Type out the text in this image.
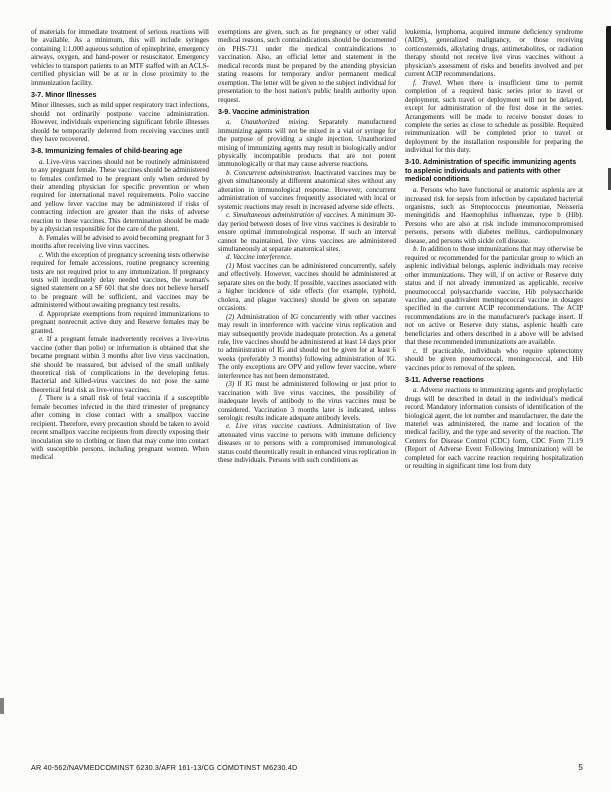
of materials for immediate treatment of serious reactions will be available. As a minimum, this will include syringes containing 1:1,000 aqueous solution of epinephrine, emergency airways, oxygen, and hand-power or resuscitator. Emergency vehicles to transport patients to an MTF staffed with an ACLS-certified physician will be at or in close proximity to the immunization facility.

3-7. Minor Illnesses

Minor illnesses, such as mild upper respiratory tract infections, should not ordinarily postpone vaccine administration. However, individuals experiencing significant febrile illnesses should be temporarily deferred from receiving vaccines until they have recovered.

3-8. Immunizing females of child-bearing age

a. Live-virus vaccines should not be routinely administered to any pregnant female. These vaccines should be administered to females confirmed to be pregnant only when ordered by their attending physician for specific prevention or when required for international travel requirements. Polio vaccine and yellow fever vaccine may be administered if risks of contracting infection are greater than the risks of adverse reaction to these vaccines. This determination should be made by a physician responsible for the care of the patient.

b. Females will be advised to avoid becoming pregnant for 3 months after receiving live virus vaccines.

c. With the exception of pregnancy screening tests otherwise required for female accessions, routine pregnancy screening tests are not required prior to any immunization. If pregnancy tests will inordinately delay needed vaccines, the woman's signed statement on a SF 601 that she does not believe herself to be pregnant will be sufficient, and vaccines may be administered without awaiting pregnancy test results.

d. Appropriate exemptions from required immunizations to pregnant nonrecruit active duty and Reserve females may be granted.

e. If a pregnant female inadvertently receives a live-virus vaccine (other than polio) or information is obtained that she became pregnant within 3 months after live virus vaccination, she should be reassured, but advised of the small unlikely theoretical risk of complications in the developing fetus. Bacterial and killed-virus vaccines do not pose the same theoretical fetal risk as live-virus vaccines.

f. There is a small risk of fetal vaccinia if a susceptible female becomes infected in the third trimester of pregnancy after coming in close contact with a smallpox vaccine recipient. Therefore, every precaution should be taken to avoid recent smallpox vaccine recipients from directly exposing their inoculation site to clothing or linen that may come into contact with susceptible persons, including pregnant women. When medical

exemptions are given, such as for pregnancy or other valid medical reasons, such contraindications should be documented on PHS-731 under the medical contraindications to vaccination. Also, an official letter and statement in the medical records must be prepared by the attending physician stating reasons for temporary and/or permanent medical exemption. The letter will be given to the subject individual for presentation to the host nation's public health authority upon request.

3-9. Vaccine administration

a. Unauthorized mixing. Separately manufactured immunizing agents will not be mixed in a vial or syringe for the purpose of providing a single injection. Unauthorized mixing of immunizing agents may result in biologically and/or physically incompatible products that are not potent immunologically or that may cause adverse reactions.

b. Concurrent administration. Inactivated vaccines may be given simultaneously at different anatomical sites without any alteration in immunological response. However, concurrent administration of vaccines frequently associated with local or systemic reactions may result in increased adverse side effects.

c. Simultaneous administration of vaccines. A minimum 30-day period between doses of live virus vaccines is desirable to ensure optimal immunological response. If such an interval cannot be maintained, live virus vaccines are administered simultaneously at separate anatomical sites.

d. Vaccine interference.

(1) Most vaccines can be administered concurrently, safely and effectively. However, vaccines should be administered at separate sites on the body. If possible, vaccines associated with a higher incidence of side effects (for example, typhoid, cholera, and plague vaccines) should be given on separate occasions.

(2) Administration of IG concurrently with other vaccines may result in interference with vaccine virus replication and may subsequently provide inadequate protection. As a general rule, live vaccines should be administered at least 14 days prior to administration of IG and should not be given for at least 6 weeks (preferably 3 months) following administration of IG. The only exceptions are OPV and yellow fever vaccine, where interference has not been demonstrated.

(3) If IG must be administered following or just prior to vaccination with live virus vaccines, the possibility of inadequate levels of antibody to the virus vaccines must be considered. Vaccination 3 months later is indicated, unless serologic results indicate adequate antibody levels.

e. Live virus vaccine cautions. Administration of live attenuated virus vaccine to persons with immune deficiency diseases or to persons with a compromised immunological status could theoretically result in enhanced virus replication in these individuals. Persons with such conditions as

leukemia, lymphoma, acquired immune deficiency syndrome (AIDS), generalized malignancy, or those receiving corticosteroids, alkylating drugs, antimetabolites, or radiation therapy should not receive live virus vaccines without a physician's assessment of risks and benefits involved and per current ACIP recommendations.

f. Travel. When there is insufficient time to permit completion of a required basic series prior to travel or deployment, such travel or deployment will not be delayed, except for administration of the first dose in the series. Arrangements will be made to receive booster doses to complete the series as close to schedule as possible. Required reimmunization will be completed prior to travel or deployment by the installation responsible for preparing the individual for this duty.

3-10. Administration of specific immunizing agents to asplenic individuals and patients with other medical conditions

a. Persons who have functional or anatomic asplenia are at increased risk for sepsis from infection by capsulated bacterial organisms, such as Streptococcus pneumoniae, Neisseria meningitidis and Haemophilus influenzae, type b (Hib). Persons who are also at risk include immunocompromised persons, persons with diabetes mellitus, cardiopulmonary disease, and persons with sickle cell disease.

b. In addition to those immunizations that may otherwise be required or recommended for the particular group to which an asplenic individual belongs, asplenic individuals may receive other immunizations. They will, if on active or Reserve duty status and if not already immunized as applicable, receive pneumococcal polysaccharide vaccine, Hib polysaccharide vaccine, and quadrivalent meningococcal vaccine in dosages specified in the current ACIP recommendations. The ACIP recommendations are in the manufacturer's package insert. If not on active or Reserve duty status, asplenic health care beneficiaries and others described in a above will be advised that these recommended immunizations are available.

c. If practicable, individuals who require splenectomy should be given pneumococcal, meningococcal, and Hib vaccines prior to removal of the spleen.

3-11. Adverse reactions

a. Adverse reactions to immunizing agents and prophylactic drugs will be described in detail in the individual's medical record. Mandatory information consists of identification of the biological agent, the lot number and manufacturer, the date the materiel was administered, the name and location of the medical facility, and the type and severity of the reaction. The Centers for Disease Control (CDC) form, CDC Form 71.19 (Report of Adverse Event Following Immunization) will be completed for each vaccine reaction requiring hospitalization or resulting in significant time lost from duty

AR 40-562/NAVMEDCOMINST 6230.3/AFR 161-13/CG COMDTINST M6230.4D	5
